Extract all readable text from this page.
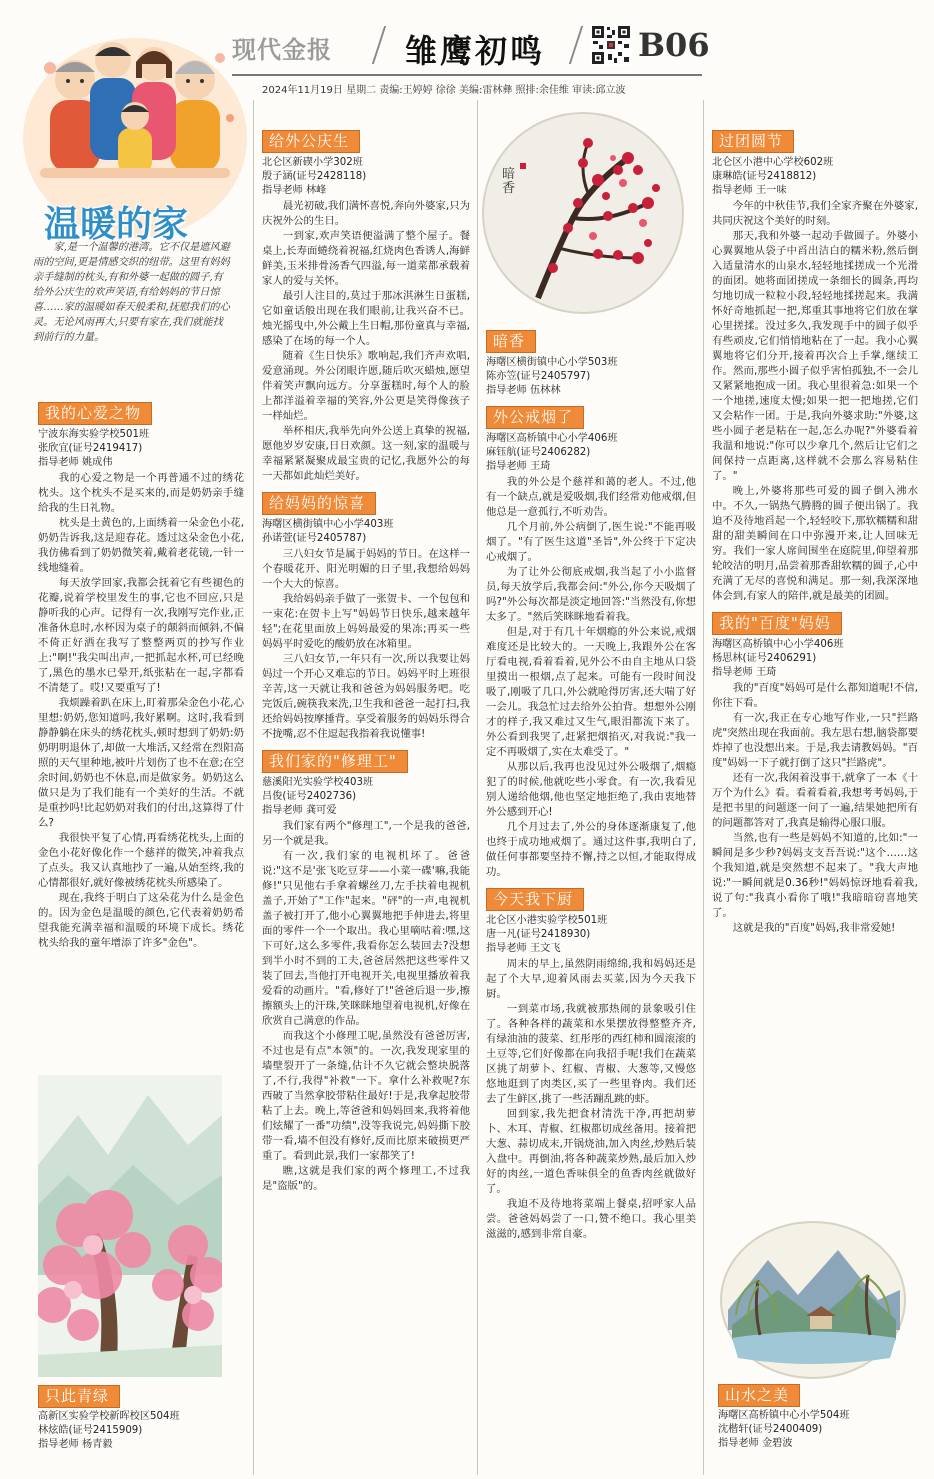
现代金报 雏鹰初鸣	B06
2024年11月19日 星期二 责编:王婷婷 徐徐 美编:雷林彝 照排:余佳维 审读:邱立波
温暖的家
家,是一个温馨的港湾。它不仅是遮风避雨的空间,更是情感交织的纽带。这里有妈妈亲手缝制的枕头,有和外婆一起做的圆子,有给外公庆生的欢声笑语,有给妈妈的节日惊喜……家的温暖如春天般柔和,抚慰我们的心灵。无论风雨再大,只要有家在,我们就能找到前行的力量。
我的心爱之物

宁波东海实验学校501班

张欣宜(证号2419417)

指导老师 姚成伟

我的心爱之物是一个再普通不过的绣花枕头。这个枕头不是买来的,而是奶奶亲手缝给我的生日礼物。

枕头是土黄色的,上面绣着一朵金色小花,奶奶告诉我,这是迎春花。透过这朵金色小花,我仿佛看到了奶奶微笑着,戴着老花镜,一针一线地缝着。

每天放学回家,我都会抚着它有些褪色的花瓣,说着学校里发生的事,它也不回应,只是静听我的心声。记得有一次,我刚写完作业,正准备休息时,水杯因为桌子的颠斜而倾斜,不偏不倚正好洒在我写了整整两页的抄写作业上:"啊!"我尖叫出声,一把抓起水杯,可已经晚了,黑色的墨水已晕开,纸张粘在一起,字都看不清楚了。哎!又要重写了!

我烦躁着趴在床上,盯着那朵金色小花,心里想:奶奶,您知道吗,我好累啊。这时,我看到静静躺在床头的绣花枕头,顿时想到了奶奶:奶奶明明退休了,却做一大堆活,又经常在烈阳高照的天气里种地,被叶片划伤了也不在意;在空余时间,奶奶也不休息,而是做家务。奶奶这么做只是为了我们能有一个美好的生活。不就是重抄吗!比起奶奶对我们的付出,这算得了什么?

我很快平复了心情,再看绣花枕头,上面的金色小花好像化作一个慈祥的微笑,冲着我点了点头。我又认真地抄了一遍,从始至终,我的心情都很好,就好像被绣花枕头所感染了。

现在,我终于明白了这朵花为什么是金色的。因为金色是温暖的颜色,它代表着奶奶希望我能充满幸福和温暖的环境下成长。绣花枕头给我的童年增添了许多"金色"。

只此青绿

高新区实验学校新晖校区504班

林炫皓(证号2415909)

指导老师 杨青毅

给外公庆生

北仑区新碶小学302班

殷子涵(证号2428118)

指导老师 林峰

晨光初破,我们满怀喜悦,奔向外婆家,只为庆祝外公的生日。

一到家,欢声笑语便溢满了整个屋子。餐桌上,长寿面蜷绕着祝福,红烧肉色香诱人,海鲜鲜美,玉米排骨汤香气四溢,每一道菜都承载着家人的爱与关怀。

最引人注目的,莫过于那冰淇淋生日蛋糕,它如童话般出现在我们眼前,让我兴奋不已。烛光摇曳中,外公戴上生日帽,那份童真与幸福,感染了在场的每一个人。

随着《生日快乐》歌响起,我们齐声欢唱,爱意涌现。外公闭眼许愿,随后吹灭蜡烛,愿望伴着笑声飘向远方。分享蛋糕时,每个人的脸上都洋溢着幸福的笑容,外公更是笑得像孩子一样灿烂。

举杯相庆,我举先向外公送上真挚的祝福,愿他岁岁安康,日日欢颜。这一刻,家的温暖与幸福紧紧凝聚成最宝贵的记忆,我愿外公的每一天都如此灿烂美好。

给妈妈的惊喜

海曙区横街镇中心小学403班

孙诺萱(证号2405787)

三八妇女节是属于妈妈的节日。在这样一个春暖花开、阳光明媚的日子里,我想给妈妈一个大大的惊喜。

我给妈妈亲手做了一张贺卡、一个包包和一束花:在贺卡上写"妈妈节日快乐,越来越年轻";在花里面放上妈妈最爱的果冻;再买一些妈妈平时爱吃的酸奶放在冰箱里。

三八妇女节,一年只有一次,所以我要让妈妈过一个开心又难忘的节日。妈妈平时上班很辛苦,这一天就让我和爸爸为妈妈服务吧。吃完饭后,碗筷我来洗,卫生我和爸爸一起打扫,我还给妈妈按摩捶背。享受着服务的妈妈乐得合不拢嘴,忍不住逗起我指着我说懂事!

我们家的"修理工"

慈溪阳光实验学校403班

吕俊(证号2402736)

指导老师 龚可爱

我们家有两个"修理工",一个是我的爸爸,另一个就是我。

有一次,我们家的电视机坏了。爸爸说:"这不是'张飞吃豆芽——小菜一碟'嘛,我能修!"只见他右手拿着螺丝刀,左手扶着电视机盖子,开始了"工作"起来。"砰"的一声,电视机盖子被打开了,他小心翼翼地把手伸进去,将里面的零件一个一个取出。我心里嘀咕着:嘿,这下可好,这么多零件,我看你怎么装回去?没想到半小时不到的工夫,爸爸居然把这些零件又装了回去,当他打开电视开关,电视里播放着我爱看的动画片。"看,修好了!"爸爸后退一步,擦擦额头上的汗珠,笑眯眯地望着电视机,好像在欣赏自己满意的作品。

而我这个小修理工呢,虽然没有爸爸厉害,不过也是有点"本领"的。一次,我发现家里的墙壁裂开了一条缝,估计不久它就会整块脱落了,不行,我得"补救"一下。拿什么补救呢?东西破了当然拿胶带粘住最好!于是,我拿起胶带粘了上去。晚上,等爸爸和妈妈回来,我将着他们炫耀了一番"功绩",没等我说完,妈妈撕下胶带一看,墙不但没有修好,反而比原来破损更严重了。看到此景,我们一家都笑了!

瞧,这就是我们家的两个修理工,不过我是"盗版"的。

暗香
暗香

海曙区横街镇中心小学503班

陈亦笠(证号2405797)

指导老师 伍林林

外公戒烟了

海曙区高桥镇中心小学406班

麻钰航(证号2406282)

指导老师 王琦

我的外公是个慈祥和蔼的老人。不过,他有一个缺点,就是爱吸烟,我们经常劝他戒烟,但他总是一意孤行,不听劝告。

几个月前,外公病倒了,医生说:"不能再吸烟了。"有了医生这道"圣旨",外公终于下定决心戒烟了。

为了让外公彻底戒烟,我当起了小小监督员,每天放学后,我都会问:"外公,你今天吸烟了吗?"外公每次都是淡定地回答:"当然没有,你想太多了。"然后笑眯眯地看着我。

但是,对于有几十年烟瘾的外公来说,戒烟难度还是比较大的。一天晚上,我跟外公在客厅看电视,看着看着,见外公不由自主地从口袋里摸出一根烟,点了起来。可能有一段时间没吸了,刚吸了几口,外公就呛得厉害,还大喘了好一会儿。我急忙过去给外公拍背。想想外公刚才的样子,我又难过又生气,眼泪都流下来了。外公看到我哭了,赶紧把烟掐灭,对我说:"我一定不再吸烟了,实在太难受了。"

从那以后,我再也没见过外公吸烟了,烟瘾犯了的时候,他就吃些小零食。有一次,我看见别人递给他烟,他也坚定地拒绝了,我由衷地替外公感到开心!

几个月过去了,外公的身体逐渐康复了,他也终于成功地戒烟了。通过这件事,我明白了,做任何事都要坚持不懈,持之以恒,才能取得成功。

今天我下厨

北仑区小港实验学校501班

唐一凡(证号2418930)

指导老师 王文飞

周末的早上,虽然阴雨绵绵,我和妈妈还是起了个大早,迎着风雨去买菜,因为今天我下厨。

一到菜市场,我就被那热闹的景象吸引住了。各种各样的蔬菜和水果摆放得整整齐齐,有绿油油的菠菜、红彤彤的西红柿和圆滚滚的土豆等,它们好像都在向我招手呢!我们在蔬菜区挑了胡萝卜、红椒、青椒、大葱等,又慢悠悠地逛到了肉类区,买了一些里脊肉。我们还去了生鲜区,挑了一些活蹦乱跳的虾。

回到家,我先把食材清洗干净,再把胡萝卜、木耳、青椒、红椒都切成丝备用。接着把大葱、蒜切成末,开锅烧油,加入肉丝,炒熟后装入盘中。再倒油,将各种蔬菜炒熟,最后加入炒好的肉丝,一道色香味俱全的鱼香肉丝就做好了。

我迫不及待地将菜端上餐桌,招呼家人品尝。爸爸妈妈尝了一口,赞不绝口。我心里美滋滋的,感到非常自豪。

过团圆节

北仑区小港中心学校602班

康琳皓(证号2418812)

指导老师 王一味

今年的中秋佳节,我们全家齐聚在外婆家,共同庆祝这个美好的时刻。

那天,我和外婆一起动手做圆子。外婆小心翼翼地从袋子中舀出洁白的糯米粉,然后倒入适量清水的山泉水,轻轻地揉搓成一个光滑的面团。她将面团搓成一条细长的圆条,再均匀地切成一粒粒小段,轻轻地揉搓起来。我满怀好奇地抓起一把,郑重其事地将它们放在掌心里搓揉。没过多久,我发现手中的圆子似乎有些顽皮,它们悄悄地粘在了一起。我小心翼翼地将它们分开,接着再次合上手掌,继续工作。然而,那些小圆子似乎害怕孤独,不一会儿又紧紧地抱成一团。我心里很着急:如果一个一个地搓,速度太慢;如果一把一把地搓,它们又会粘作一团。于是,我向外婆求助:"外婆,这些小圆子老是粘在一起,怎么办呢?"外婆看着我温和地说:"你可以少拿几个,然后让它们之间保持一点距离,这样就不会那么容易粘住了。"

晚上,外婆将那些可爱的圆子倒入沸水中。不久,一锅热气腾腾的圆子便出锅了。我迫不及待地舀起一个,轻轻咬下,那软糯糯和甜甜的甜美瞬间在口中弥漫开来,让人回味无穷。我们一家人席间围坐在庭院里,仰望着那轮皎洁的明月,品尝着那香甜软糯的圆子,心中充满了无尽的喜悦和满足。那一刻,我深深地体会到,有家人的陪伴,就是最美的团圆。

我的"百度"妈妈

海曙区高桥镇中心小学406班

杨思林(证号2406291)

指导老师 王琦

我的"百度"妈妈可是什么都知道呢!不信,你往下看。

有一次,我正在专心地写作业,一只"拦路虎"突然出现在我面前。我左思右想,脑袋都要炸掉了也没想出来。于是,我去请教妈妈。"百度"妈妈一下子就打倒了这只"拦路虎"。

还有一次,我闲着没事干,就拿了一本《十万个为什么》看。看着看着,我想考考妈妈,于是把书里的问题逐一问了一遍,结果她把所有的问题都答对了,我真是输得心服口服。

当然,也有一些是妈妈不知道的,比如:"一瞬间是多少秒?妈妈支支吾吾说:"这个……这个我知道,就是突然想不起来了。"我大声地说:"一瞬间就是0.36秒!"妈妈惊讶地看着我,说了句:"我真小看你了哦!"我暗暗窃喜地笑了。

这就是我的"百度"妈妈,我非常爱她!

山水之美

海曙区高桥镇中心小学504班

沈楷轩(证号2400409)

指导老师 金碧波
